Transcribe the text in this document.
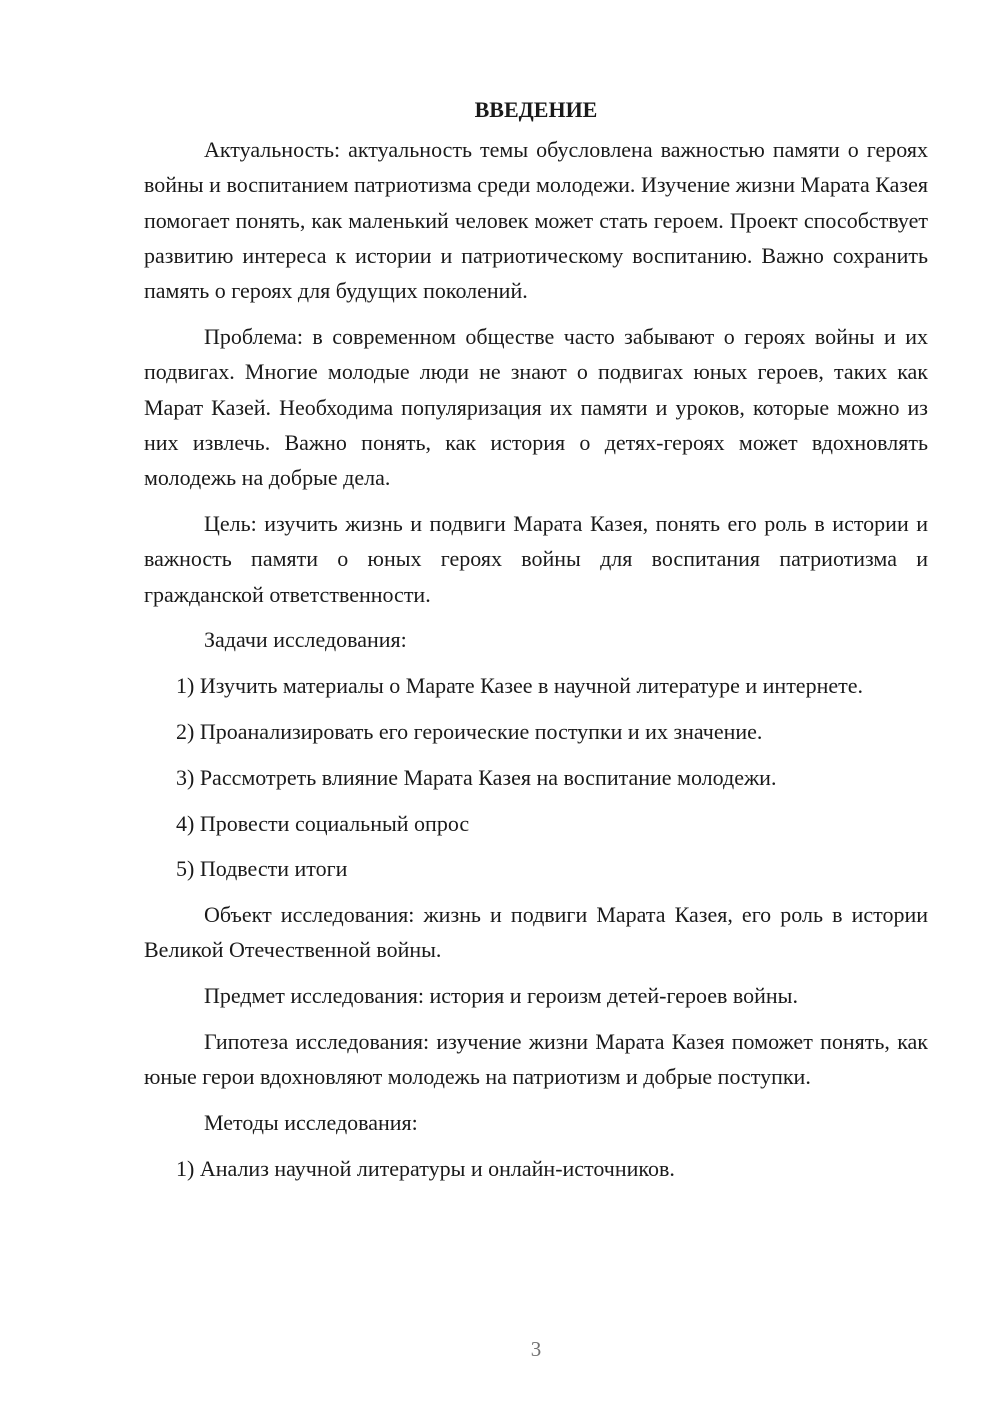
ВВЕДЕНИЕ

Актуальность: актуальность темы обусловлена важностью памяти о героях войны и воспитанием патриотизма среди молодежи. Изучение жизни Марата Казея помогает понять, как маленький человек может стать героем. Проект способствует развитию интереса к истории и патриотическому воспитанию. Важно сохранить память о героях для будущих поколений.

Проблема: в современном обществе часто забывают о героях войны и их подвигах. Многие молодые люди не знают о подвигах юных героев, таких как Марат Казей. Необходима популяризация их памяти и уроков, которые можно из них извлечь. Важно понять, как история о детях-героях может вдохновлять молодежь на добрые дела.

Цель: изучить жизнь и подвиги Марата Казея, понять его роль в истории и важность памяти о юных героях войны для воспитания патриотизма и гражданской ответственности.

Задачи исследования:

1) Изучить материалы о Марате Казее в научной литературе и интернете.

2) Проанализировать его героические поступки и их значение.

3) Рассмотреть влияние Марата Казея на воспитание молодежи.

4) Провести социальный опрос

5) Подвести итоги

Объект исследования: жизнь и подвиги Марата Казея, его роль в истории Великой Отечественной войны.

Предмет исследования: история и героизм детей-героев войны.

Гипотеза исследования: изучение жизни Марата Казея поможет понять, как юные герои вдохновляют молодежь на патриотизм и добрые поступки.

Методы исследования:

1) Анализ научной литературы и онлайн-источников.

3
